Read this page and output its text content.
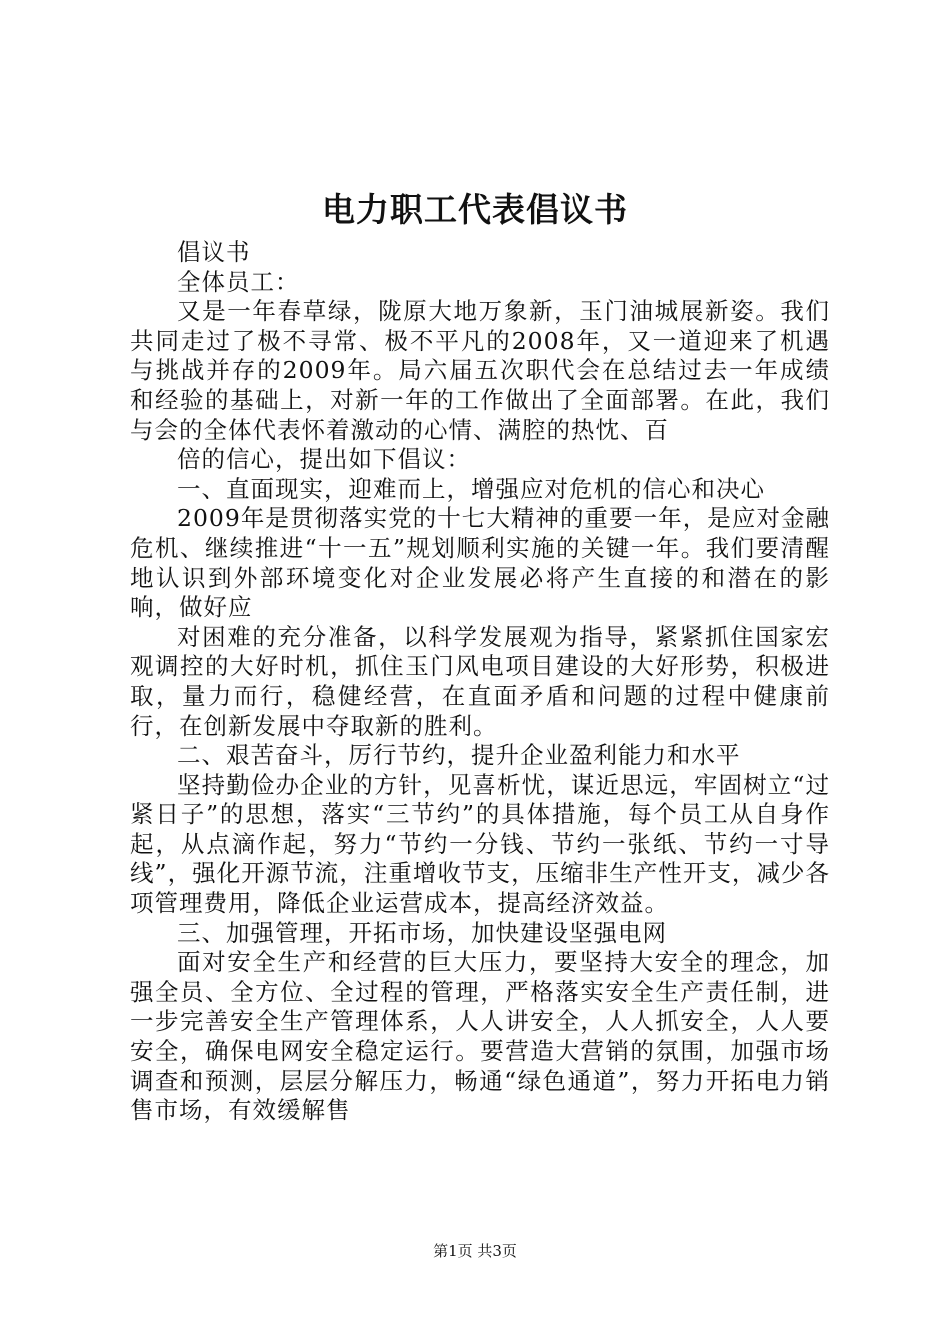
电力职工代表倡议书

倡议书

全体员工：

又是一年春草绿，陇原大地万象新，玉门油城展新姿。我们共同走过了极不寻常、极不平凡的2008年，又一道迎来了机遇与挑战并存的2009年。局六届五次职代会在总结过去一年成绩和经验的基础上，对新一年的工作做出了全面部署。在此，我们与会的全体代表怀着激动的心情、满腔的热忱、百

倍的信心，提出如下倡议：

一、直面现实，迎难而上，增强应对危机的信心和决心

2009年是贯彻落实党的十七大精神的重要一年，是应对金融危机、继续推进“十一五”规划顺利实施的关键一年。我们要清醒地认识到外部环境变化对企业发展必将产生直接的和潜在的影响，做好应

对困难的充分准备，以科学发展观为指导，紧紧抓住国家宏观调控的大好时机，抓住玉门风电项目建设的大好形势，积极进取，量力而行，稳健经营，在直面矛盾和问题的过程中健康前行，在创新发展中夺取新的胜利。

二、艰苦奋斗，厉行节约，提升企业盈利能力和水平

坚持勤俭办企业的方针，见喜析忧，谋近思远，牢固树立“过紧日子”的思想，落实“三节约”的具体措施，每个员工从自身作起，从点滴作起，努力“节约一分钱、节约一张纸、节约一寸导线”，强化开源节流，注重增收节支，压缩非生产性开支，减少各项管理费用，降低企业运营成本，提高经济效益。

三、加强管理，开拓市场，加快建设坚强电网

面对安全生产和经营的巨大压力，要坚持大安全的理念，加强全员、全方位、全过程的管理，严格落实安全生产责任制，进一步完善安全生产管理体系，人人讲安全，人人抓安全，人人要安全，确保电网安全稳定运行。要营造大营销的氛围，加强市场调查和预测，层层分解压力，畅通“绿色通道”，努力开拓电力销售市场，有效缓解售

第1页 共3页
